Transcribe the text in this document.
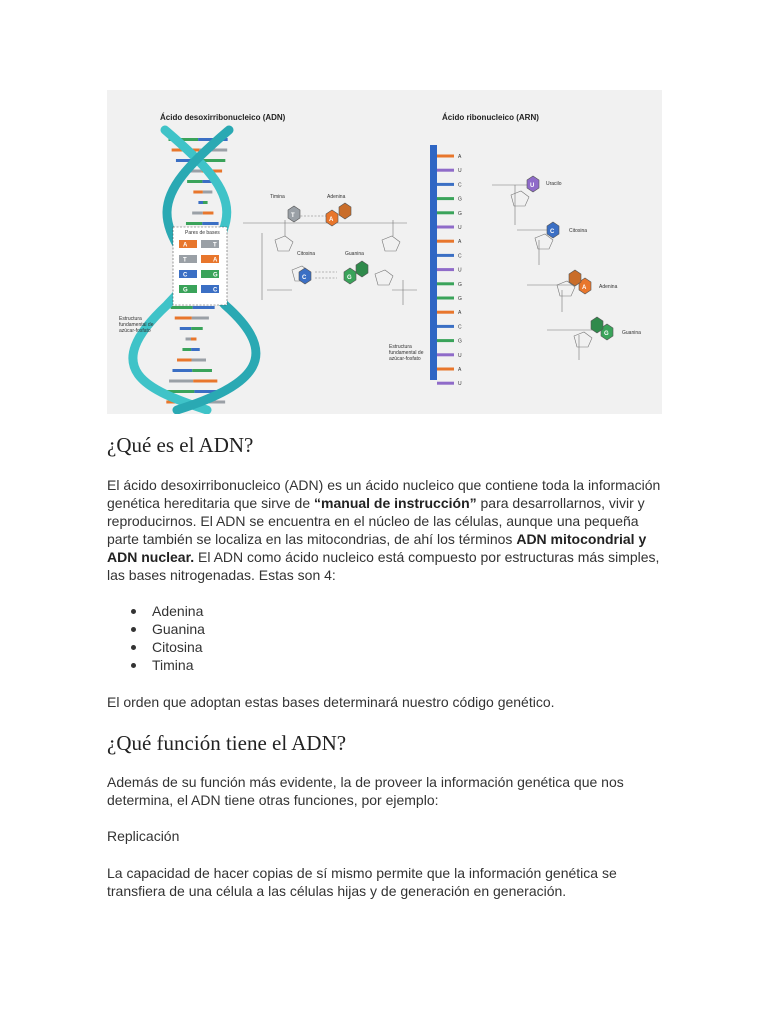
Ácido desoxirribonucleico (ADN)	Ácido ribonucleico (ARN)
Pares de bases
A	T
T	A
C	G
G	C
Estructura
fundamental de
azúcar-fosfato
T
A
Timina	Adenina
C	G
Citosina	Guanina
A
U
C
G
G
U
A
C
U
G
G
A
C
G
U
A
U
Estructura
fundamental de
azúcar-fosfato
U Uracilo
C	Citosina
A	Adenina
G	Guanina
¿Qué es el ADN?

El ácido desoxirribonucleico (ADN) es un ácido nucleico que contiene toda la información genética hereditaria que sirve de “manual de instrucción” para desarrollarnos, vivir y reproducirnos. El ADN se encuentra en el núcleo de las células, aunque una pequeña parte también se localiza en las mitocondrias, de ahí los términos ADN mitocondrial y ADN nuclear. El ADN como ácido nucleico está compuesto por estructuras más simples, las bases nitrogenadas. Estas son 4:

Adenina
Guanina
Citosina
Timina

El orden que adoptan estas bases determinará nuestro código genético.

¿Qué función tiene el ADN?

Además de su función más evidente, la de proveer la información genética que nos determina, el ADN tiene otras funciones, por ejemplo:

Replicación

La capacidad de hacer copias de sí mismo permite que la información genética se transfiera de una célula a las células hijas y de generación en generación.
